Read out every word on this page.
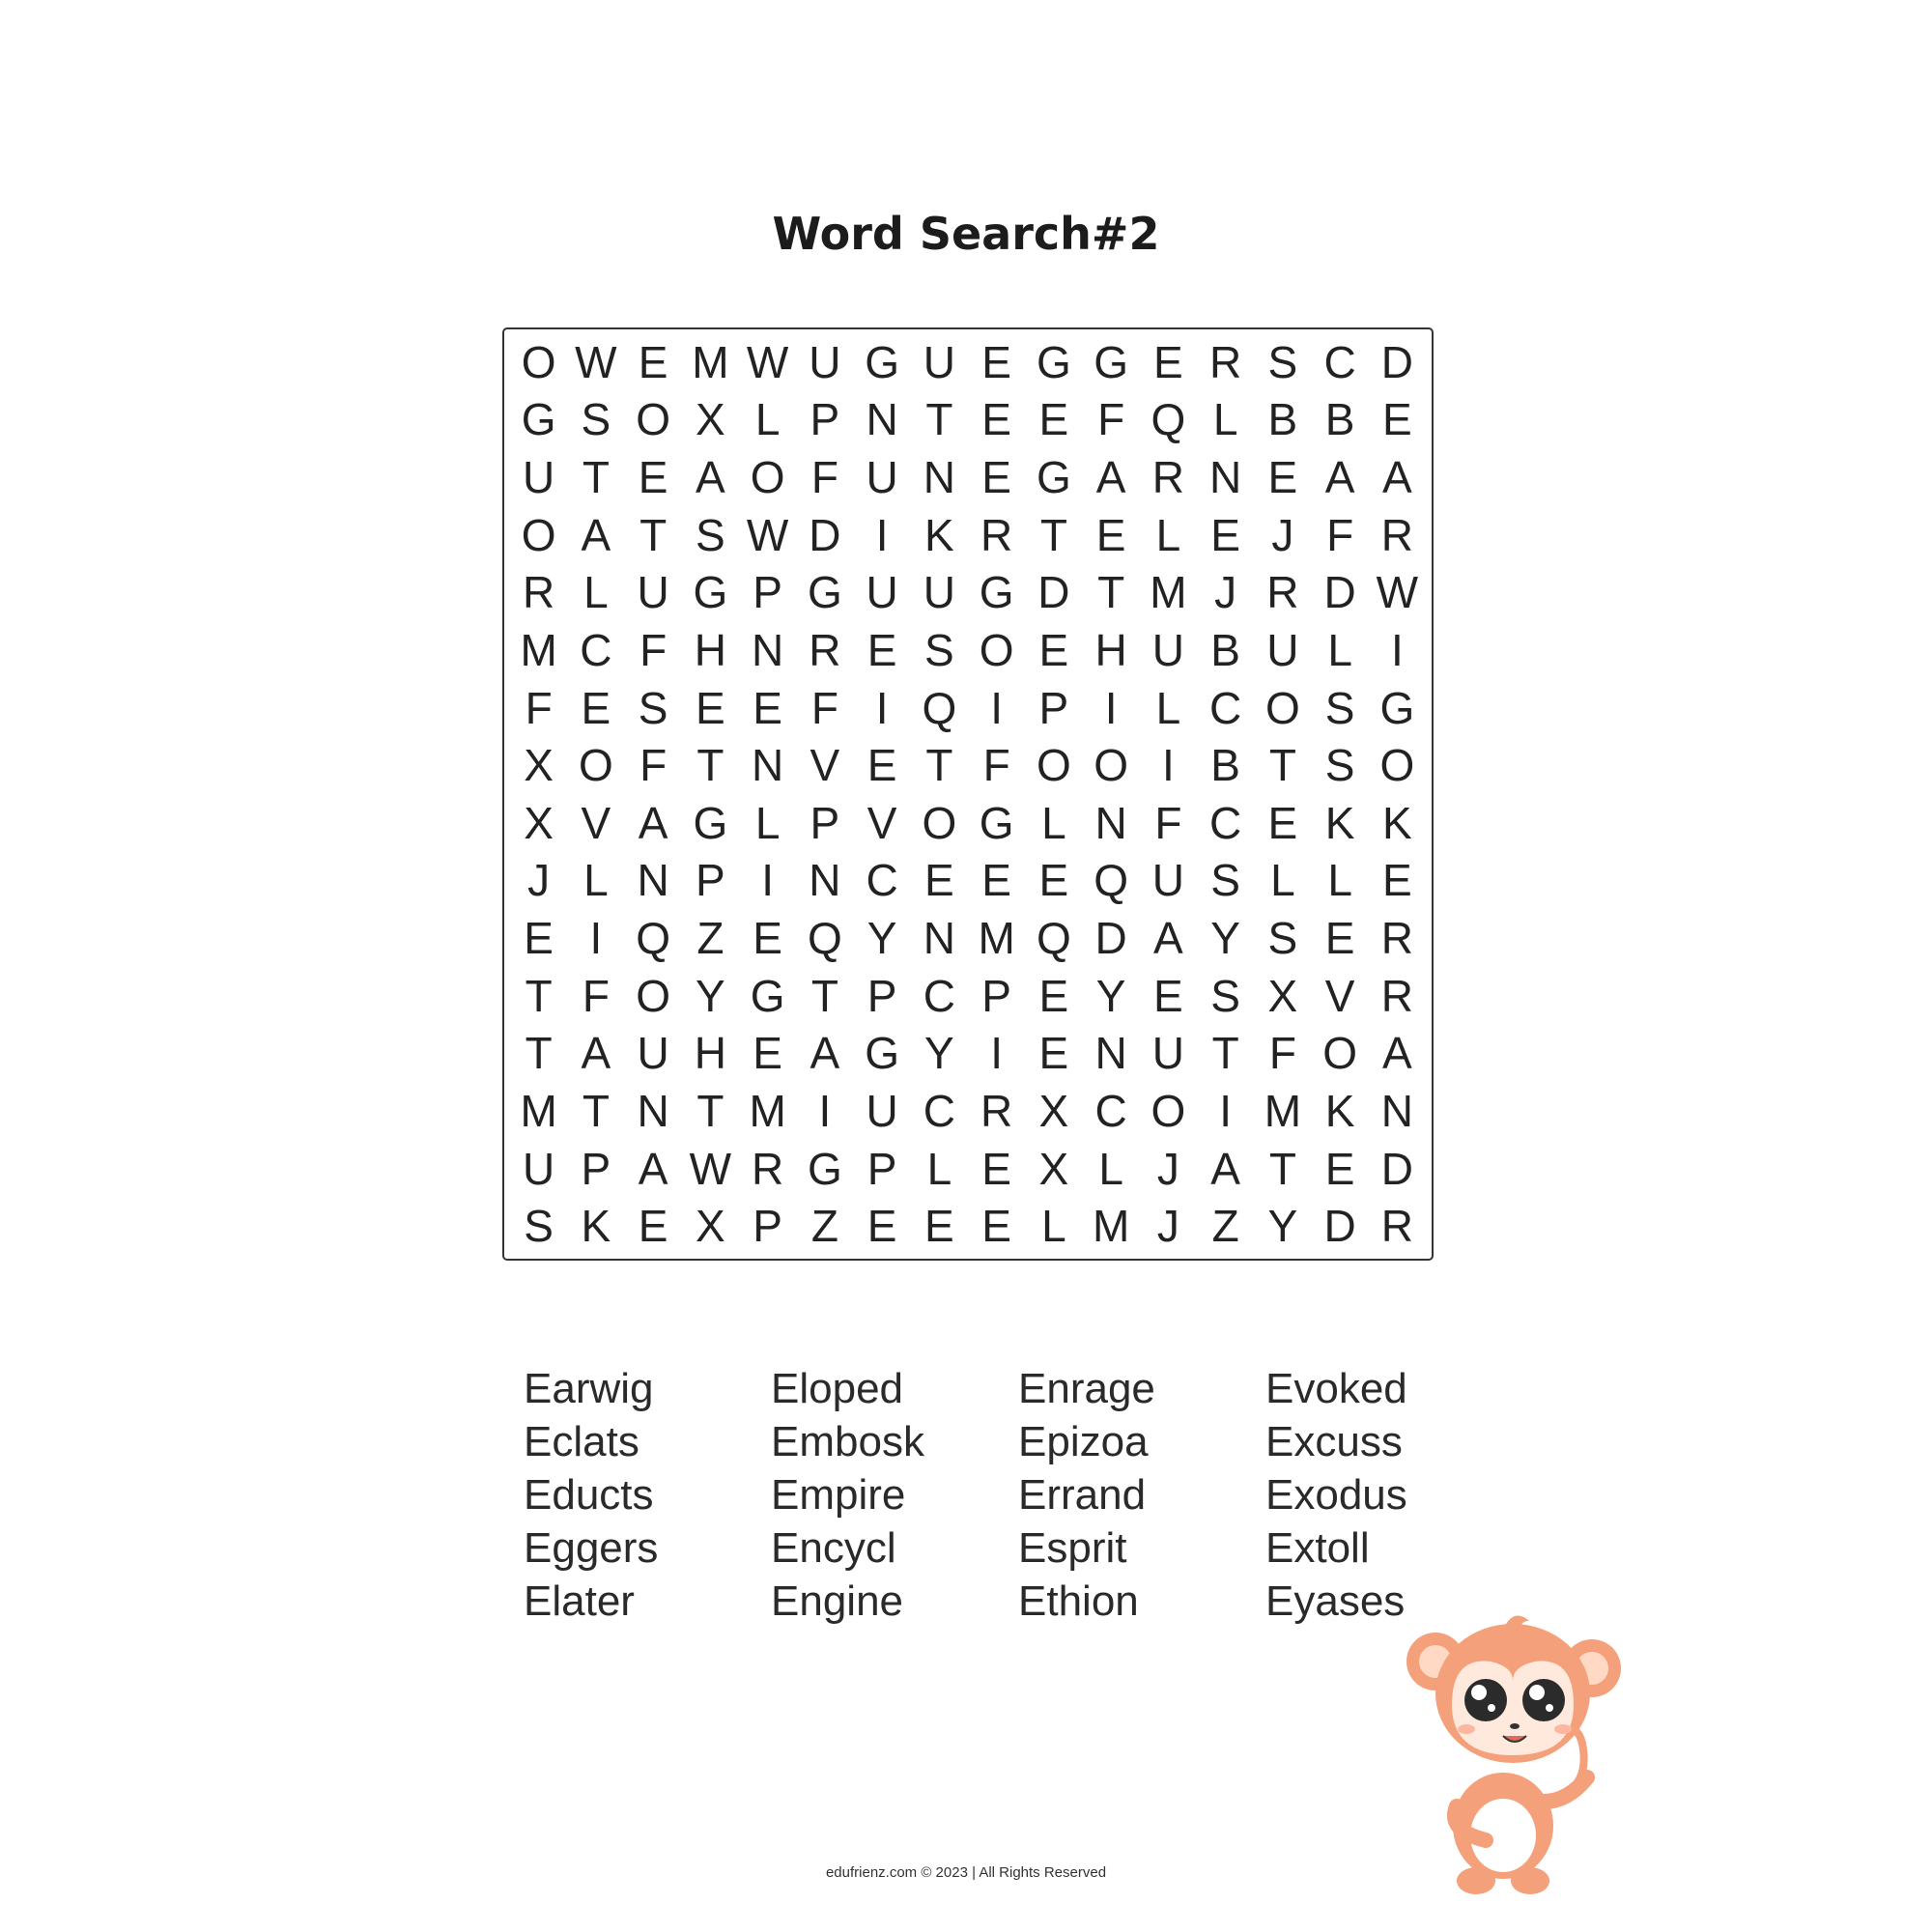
Word Search#2
O W E M W U G U E G G E R S C D
G S O X L P N T E E F Q L B B E
U T E A O F U N E G A R N E A A
O A T S W D I K R T E L E J F R
R L U G P G U U G D T M J R D W
M C F H N R E S O E H U B U L I
F E S E E F I Q I P I L C O S G
X O F T N V E T F O O I B T S O
X V A G L P V O G L N F C E K K
J L N P I N C E E E Q U S L L E
E I Q Z E Q Y N M Q D A Y S E R
T F O Y G T P C P E Y E S X V R
T A U H E A G Y I E N U T F O A
M T N T M I U C R X C O I M K N
U P A W R G P L E X L J A T E D
S K E X P Z E E E L M J Z Y D R
Earwig	Eloped	Enrage	Evoked
Eclats	Embosk	Epizoa	Excuss
Educts	Empire	Errand	Exodus
Eggers	Encycl	Esprit	Extoll
Elater	Engine	Ethion	Eyases
edufrienz.com © 2023 | All Rights Reserved
